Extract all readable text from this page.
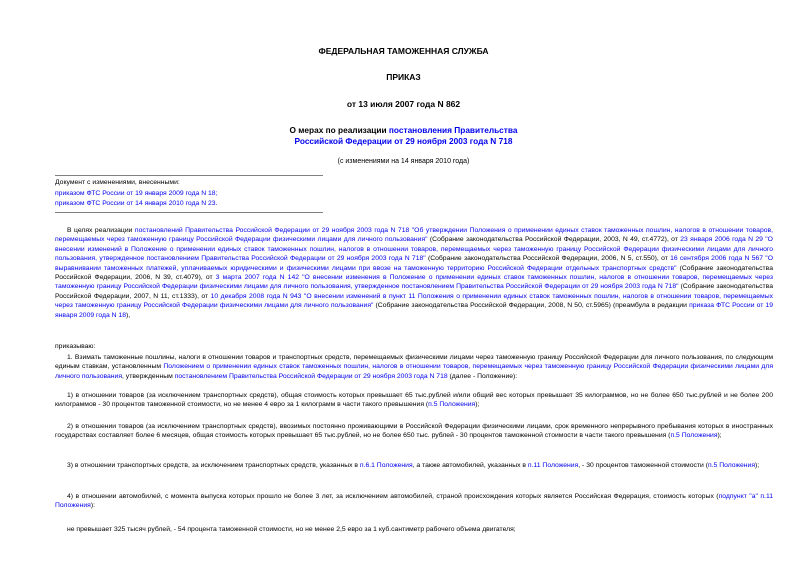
ФЕДЕРАЛЬНАЯ ТАМОЖЕННАЯ СЛУЖБА
ПРИКАЗ
от 13 июля 2007 года N 862
О мерах по реализации постановления Правительства
Российской Федерации от 29 ноября 2003 года N 718
(с изменениями на 14 января 2010 года)
Документ с изменениями, внесенными:
приказом ФТС России от 19 января 2009 года N 18;
приказом ФТС России от 14 января 2010 года N 23.

В целях реализации постановлений Правительства Российской Федерации от 29 ноября 2003 года N 718 "Об утверждении Положения о применении единых ставок таможенных пошлин, налогов в отношении товаров, перемещаемых через таможенную границу Российской Федерации физическими лицами для личного пользования" (Собрание законодательства Российской Федерации, 2003, N 49, ст.4772), от 23 января 2006 года N 29 "О внесении изменений в Положение о применении единых ставок таможенных пошлин, налогов в отношении товаров, перемещаемых через таможенную границу Российской Федерации физическими лицами для личного пользования, утвержденное постановлением Правительства Российской Федерации от 29 ноября 2003 года N 718" (Собрание законодательства Российской Федерации, 2006, N 5, ст.550), от 16 сентября 2006 года N 567 "О выравнивании таможенных платежей, уплачиваемых юридическими и физическими лицами при ввозе на таможенную территорию Российской Федерации отдельных транспортных средств" (Собрание законодательства Российской Федерации, 2006, N 39, ст.4079), от 3 марта 2007 года N 142 "О внесении изменения в Положение о применении единых ставок таможенных пошлин, налогов в отношении товаров, перемещаемых через таможенную границу Российской Федерации физическими лицами для личного пользования, утвержденное постановлением Правительства Российской Федерации от 29 ноября 2003 года N 718" (Собрание законодательства Российской Федерации, 2007, N 11, ст.1333), от 10 декабря 2008 года N 943 "О внесении изменений в пункт 11 Положения о применении единых ставок таможенных пошлин, налогов в отношении товаров, перемещаемых через таможенную границу Российской Федерации физическими лицами для личного пользования" (Собрание законодательства Российской Федерации, 2008, N 50, ст.5965) (преамбула в редакции приказа ФТС России от 19 января 2009 года N 18),

приказываю:

1. Взимать таможенные пошлины, налоги в отношении товаров и транспортных средств, перемещаемых физическими лицами через таможенную границу Российской Федерации для личного пользования, по следующим единым ставкам, установленным Положением о применении единых ставок таможенных пошлин, налогов в отношении товаров, перемещаемых через таможенную границу Российской Федерации физическими лицами для личного пользования, утвержденным постановлением Правительства Российской Федерации от 29 ноября 2003 года N 718 (далее - Положение):

1) в отношении товаров (за исключением транспортных средств), общая стоимость которых превышает 65 тыс.рублей и/или общий вес которых превышает 35 килограммов, но не более 650 тыс.рублей и не более 200 килограммов - 30 процентов таможенной стоимости, но не менее 4 евро за 1 килограмм в части такого превышения (п.5 Положения);

2) в отношении товаров (за исключением транспортных средств), ввозимых постоянно проживающими в Российской Федерации физическими лицами, срок временного непрерывного пребывания которых в иностранных государствах составляет более 6 месяцев, общая стоимость которых превышает 65 тыс.рублей, но не более 650 тыс. рублей - 30 процентов таможенной стоимости в части такого превышения (п.5 Положения);

3) в отношении транспортных средств, за исключением транспортных средств, указанных в п.6.1 Положения, а также автомобилей, указанных в п.11 Положения, - 30 процентов таможенной стоимости (п.5 Положения);

4) в отношении автомобилей, с момента выпуска которых прошло не более 3 лет, за исключением автомобилей, страной происхождения которых является Российская Федерация, стоимость которых (подпункт "а" п.11 Положения):

не превышает 325 тысяч рублей, - 54 процента таможенной стоимости, но не менее 2,5 евро за 1 куб.сантиметр рабочего объема двигателя;
